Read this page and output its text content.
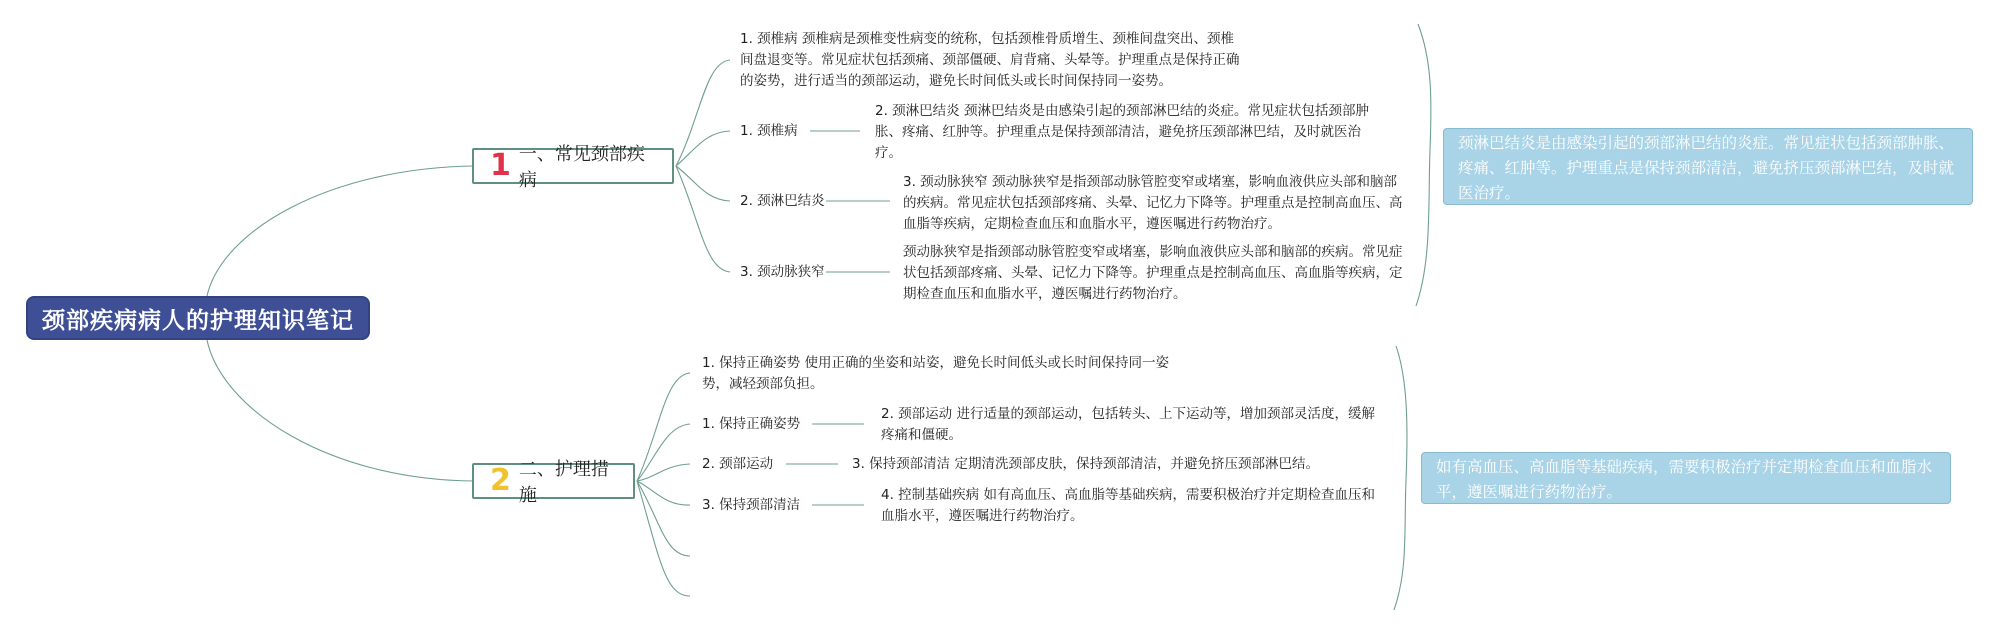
颈部疾病病人的护理知识笔记
1 一、常见颈部疾病
2 二、护理措施
1. 颈椎病 颈椎病是颈椎变性病变的统称，包括颈椎骨质增生、颈椎间盘突出、颈椎间盘退变等。常见症状包括颈痛、颈部僵硬、肩背痛、头晕等。护理重点是保持正确的姿势，进行适当的颈部运动，避免长时间低头或长时间保持同一姿势。
1. 颈椎病
2. 颈淋巴结炎 颈淋巴结炎是由感染引起的颈部淋巴结的炎症。常见症状包括颈部肿胀、疼痛、红肿等。护理重点是保持颈部清洁，避免挤压颈部淋巴结，及时就医治疗。
2. 颈淋巴结炎
3. 颈动脉狭窄 颈动脉狭窄是指颈部动脉管腔变窄或堵塞，影响血液供应头部和脑部的疾病。常见症状包括颈部疼痛、头晕、记忆力下降等。护理重点是控制高血压、高血脂等疾病，定期检查血压和血脂水平，遵医嘱进行药物治疗。
3. 颈动脉狭窄
颈动脉狭窄是指颈部动脉管腔变窄或堵塞，影响血液供应头部和脑部的疾病。常见症状包括颈部疼痛、头晕、记忆力下降等。护理重点是控制高血压、高血脂等疾病，定期检查血压和血脂水平，遵医嘱进行药物治疗。
1. 保持正确姿势 使用正确的坐姿和站姿，避免长时间低头或长时间保持同一姿势，减轻颈部负担。
1. 保持正确姿势
2. 颈部运动 进行适量的颈部运动，包括转头、上下运动等，增加颈部灵活度，缓解疼痛和僵硬。
2. 颈部运动	3. 保持颈部清洁 定期清洗颈部皮肤，保持颈部清洁，并避免挤压颈部淋巴结。
3. 保持颈部清洁
4. 控制基础疾病 如有高血压、高血脂等基础疾病，需要积极治疗并定期检查血压和血脂水平，遵医嘱进行药物治疗。
颈淋巴结炎是由感染引起的颈部淋巴结的炎症。常见症状包括颈部肿胀、疼痛、红肿等。护理重点是保持颈部清洁，避免挤压颈部淋巴结，及时就医治疗。
如有高血压、高血脂等基础疾病，需要积极治疗并定期检查血压和血脂水平，遵医嘱进行药物治疗。
